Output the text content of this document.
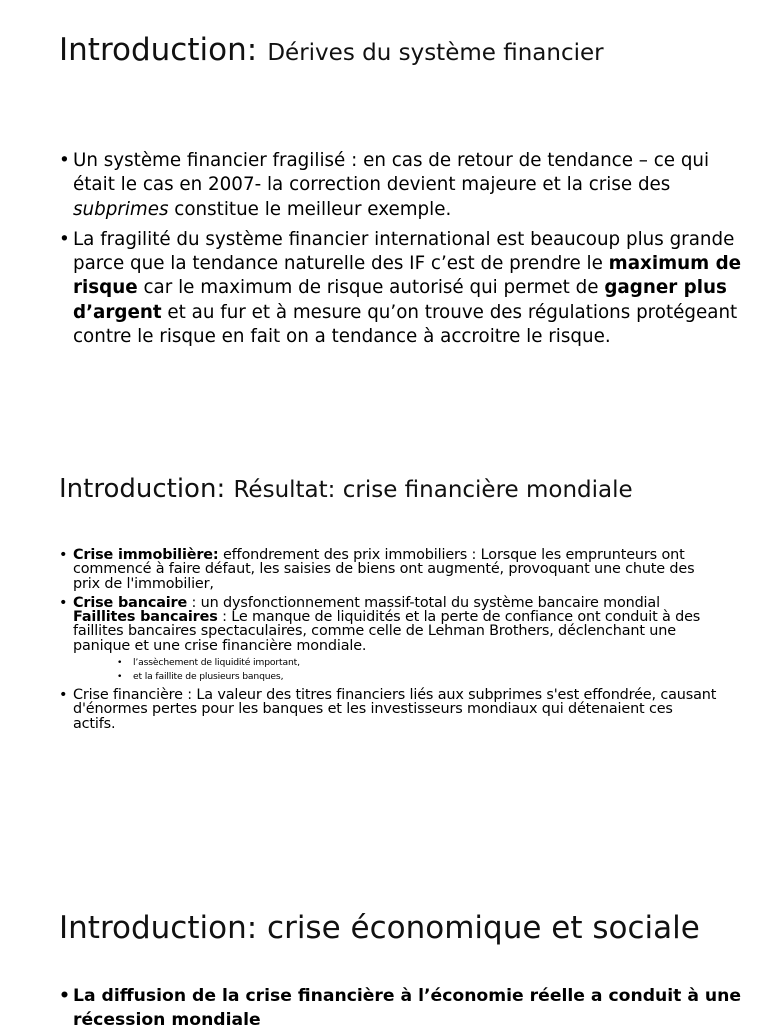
Introduction: Dérives du système financier
• Un système financier fragilisé : en cas de retour de tendance – ce qui était le cas en 2007- la correction devient majeure et la crise des subprimes constitue le meilleur exemple.
• La fragilité du système financier international est beaucoup plus grande parce que la tendance naturelle des IF c’est de prendre le maximum de risque car le maximum de risque autorisé qui permet de gagner plus d’argent et au fur et à mesure qu’on trouve des régulations protégeant contre le risque en fait on a tendance à accroitre le risque.
Introduction: Résultat: crise financière mondiale
• Crise immobilière: effondrement des prix immobiliers : Lorsque les emprunteurs ont commencé à faire défaut, les saisies de biens ont augmenté, provoquant une chute des prix de l'immobilier,
• Crise bancaire : un dysfonctionnement massif-total du système bancaire mondial Faillites bancaires : Le manque de liquidités et la perte de confiance ont conduit à des faillites bancaires spectaculaires, comme celle de Lehman Brothers, déclenchant une panique et une crise financière mondiale.
• l’assèchement de liquidité important,
• et la faillite de plusieurs banques,
• Crise financière : La valeur des titres financiers liés aux subprimes s'est effondrée, causant d'énormes pertes pour les banques et les investisseurs mondiaux qui détenaient ces actifs.
Introduction: crise économique et sociale
• La diffusion de la crise financière à l’économie réelle a conduit à une récession mondiale
